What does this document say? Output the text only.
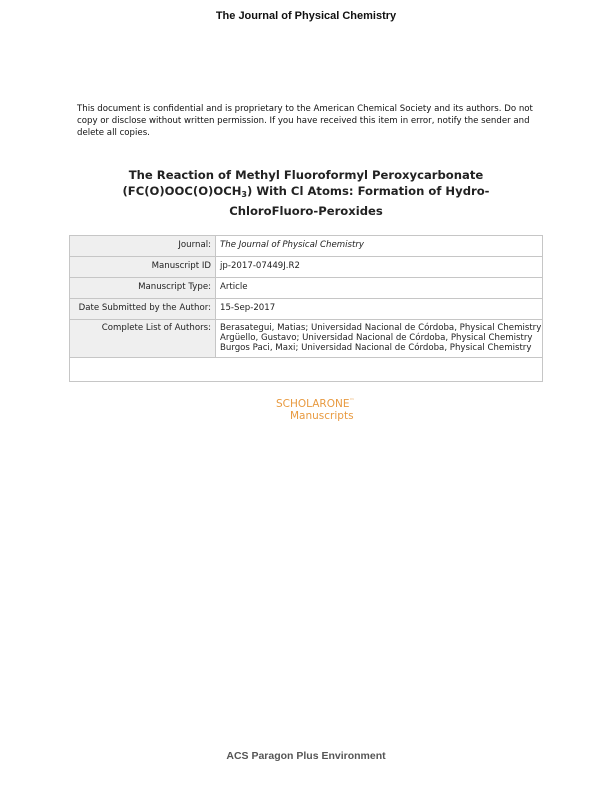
The Journal of Physical Chemistry
This document is confidential and is proprietary to the American Chemical Society and its authors. Do not copy or disclose without written permission. If you have received this item in error, notify the sender and delete all copies.
The Reaction of Methyl Fluoroformyl Peroxycarbonate
$(FC(O)OOC(O)OCH_3)$ With Cl Atoms: Formation of Hydro-
ChloroFluoro-Peroxides
Journal:	The Journal of Physical Chemistry
Manuscript ID	jp-2017-07449J.R2
Manuscript Type:	Article
Date Submitted by the Author:	15-Sep-2017
Complete List of Authors:	Berasategui, Matias; Universidad Nacional de Córdoba, Physical Chemistry
Argüello, Gustavo; Universidad Nacional de Córdoba, Physical Chemistry
Burgos Paci, Maxi; Universidad Nacional de Córdoba, Physical Chemistry

SCHOLARONE™
Manuscripts
ACS Paragon Plus Environment
